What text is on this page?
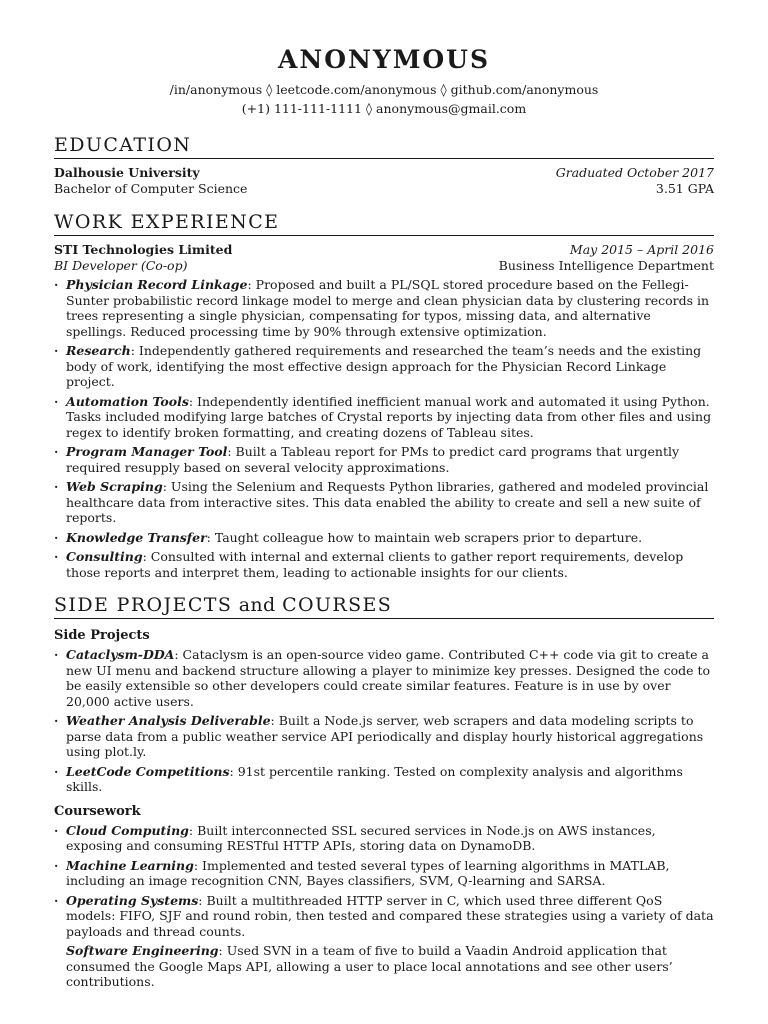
ANONYMOUS
/in/anonymous ◊ leetcode.com/anonymous ◊ github.com/anonymous
(+1) 111-111-1111 ◊ anonymous@gmail.com
EDUCATION
Dalhousie University	Graduated October 2017
Bachelor of Computer Science	3.51 GPA
WORK EXPERIENCE
STI Technologies Limited	May 2015 – April 2016
BI Developer (Co-op)	Business Intelligence Department
· Physician Record Linkage: Proposed and built a PL/SQL stored procedure based on the Fellegi-Sunter probabilistic record linkage model to merge and clean physician data by clustering records in trees representing a single physician, compensating for typos, missing data, and alternative spellings. Reduced processing time by 90% through extensive optimization.
· Research: Independently gathered requirements and researched the team’s needs and the existing body of work, identifying the most effective design approach for the Physician Record Linkage project.
· Automation Tools: Independently identified inefficient manual work and automated it using Python. Tasks included modifying large batches of Crystal reports by injecting data from other files and using regex to identify broken formatting, and creating dozens of Tableau sites.
· Program Manager Tool: Built a Tableau report for PMs to predict card programs that urgently required resupply based on several velocity approximations.
· Web Scraping: Using the Selenium and Requests Python libraries, gathered and modeled provincial healthcare data from interactive sites. This data enabled the ability to create and sell a new suite of reports.
· Knowledge Transfer: Taught colleague how to maintain web scrapers prior to departure.
· Consulting: Consulted with internal and external clients to gather report requirements, develop those reports and interpret them, leading to actionable insights for our clients.
SIDE PROJECTS and COURSES
Side Projects
· Cataclysm-DDA: Cataclysm is an open-source video game. Contributed C++ code via git to create a new UI menu and backend structure allowing a player to minimize key presses. Designed the code to be easily extensible so other developers could create similar features. Feature is in use by over 20,000 active users.
· Weather Analysis Deliverable: Built a Node.js server, web scrapers and data modeling scripts to parse data from a public weather service API periodically and display hourly historical aggregations using plot.ly.
· LeetCode Competitions: 91st percentile ranking. Tested on complexity analysis and algorithms skills.
Coursework
· Cloud Computing: Built interconnected SSL secured services in Node.js on AWS instances, exposing and consuming RESTful HTTP APIs, storing data on DynamoDB.
· Machine Learning: Implemented and tested several types of learning algorithms in MATLAB, including an image recognition CNN, Bayes classifiers, SVM, Q-learning and SARSA.
· Operating Systems: Built a multithreaded HTTP server in C, which used three different QoS models: FIFO, SJF and round robin, then tested and compared these strategies using a variety of data payloads and thread counts.
Software Engineering: Used SVN in a team of five to build a Vaadin Android application that consumed the Google Maps API, allowing a user to place local annotations and see other users’ contributions.
